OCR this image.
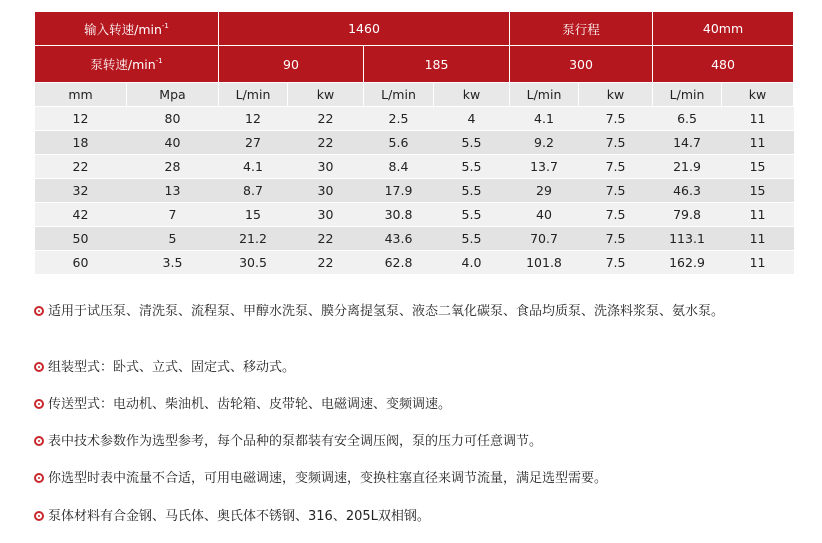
输入转速$/\min^{-1}$		1460				泵行程		40mm	
泵转速$/\min^{-1}$		90		185		300		480	
mm	Mpa	L/min	kw	L/min	kw	L/min	kw	L/min	kw
12	80	12	22	2.5	4	4.1	7.5	6.5	11
18	40	27	22	5.6	5.5	9.2	7.5	14.7	11
22	28	4.1	30	8.4	5.5	13.7	7.5	21.9	15
32	13	8.7	30	17.9	5.5	29	7.5	46.3	15
42	7	15	30	30.8	5.5	40	7.5	79.8	11
50	5	21.2	22	43.6	5.5	70.7	7.5	113.1	11
60	3.5	30.5	22	62.8	4.0	101.8	7.5	162.9	11
适用于试压泵、清洗泵、流程泵、甲醇水洗泵、膜分离提氢泵、液态二氧化碳泵、食品均质泵、洗涤料浆泵、氨水泵。
组装型式：卧式、立式、固定式、移动式。
传送型式：电动机、柴油机、齿轮箱、皮带轮、电磁调速、变频调速。
表中技术参数作为选型参考，每个品种的泵都装有安全调压阀，泵的压力可任意调节。
你选型时表中流量不合适，可用电磁调速，变频调速，变换柱塞直径来调节流量，满足选型需要。
泵体材料有合金钢、马氏体、奥氏体不锈钢、316、205L双相钢。
